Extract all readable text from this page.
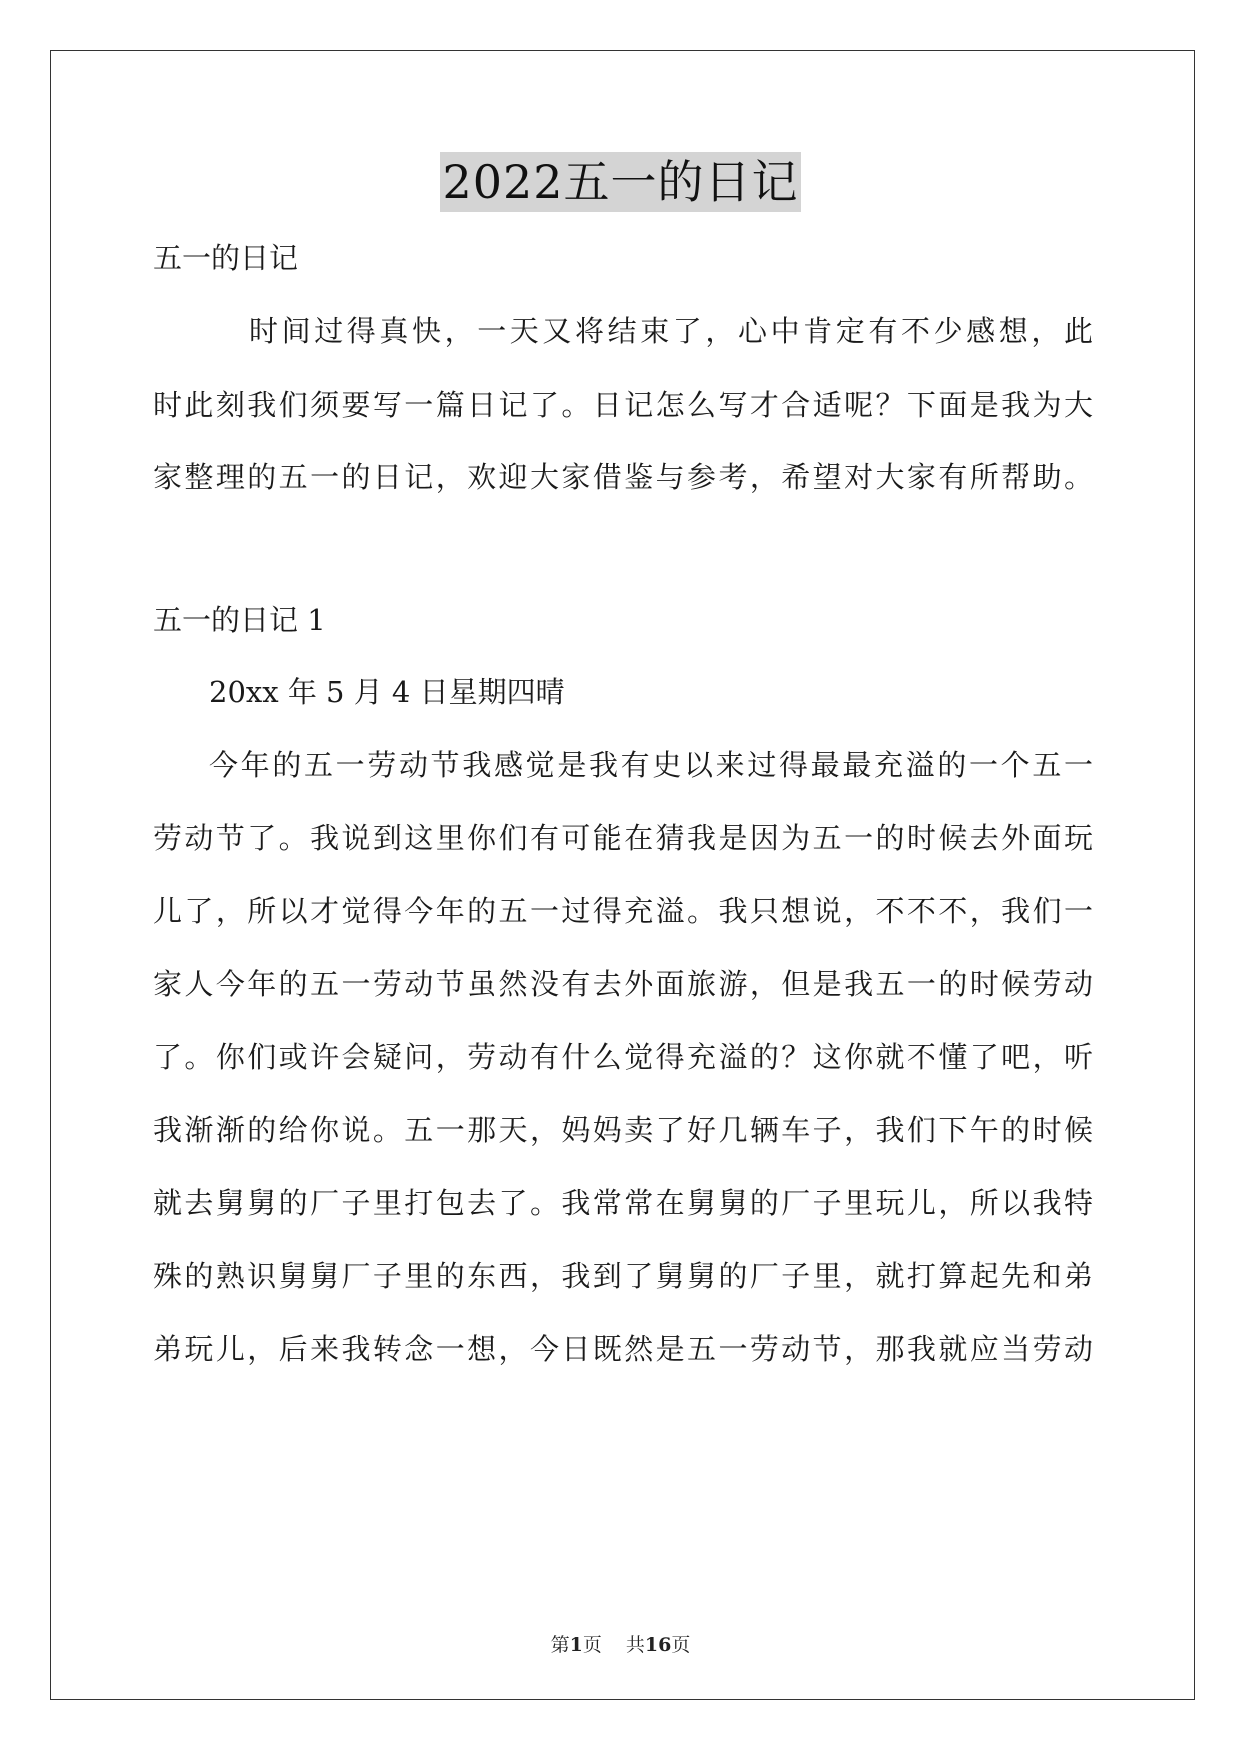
2022五一的日记
五一的日记
时间过得真快，一天又将结束了，心中肯定有不少感想，此
时此刻我们须要写一篇日记了。日记怎么写才合适呢？下面是我为大
家整理的五一的日记，欢迎大家借鉴与参考，希望对大家有所帮助。
五一的日记 1
20xx 年 5 月 4 日星期四晴
今年的五一劳动节我感觉是我有史以来过得最最充溢的一个五一
劳动节了。我说到这里你们有可能在猜我是因为五一的时候去外面玩
儿了，所以才觉得今年的五一过得充溢。我只想说，不不不，我们一
家人今年的五一劳动节虽然没有去外面旅游，但是我五一的时候劳动
了。你们或许会疑问，劳动有什么觉得充溢的？这你就不懂了吧，听
我渐渐的给你说。五一那天，妈妈卖了好几辆车子，我们下午的时候
就去舅舅的厂子里打包去了。我常常在舅舅的厂子里玩儿，所以我特
殊的熟识舅舅厂子里的东西，我到了舅舅的厂子里，就打算起先和弟
弟玩儿，后来我转念一想，今日既然是五一劳动节，那我就应当劳动
第1页 共16页
